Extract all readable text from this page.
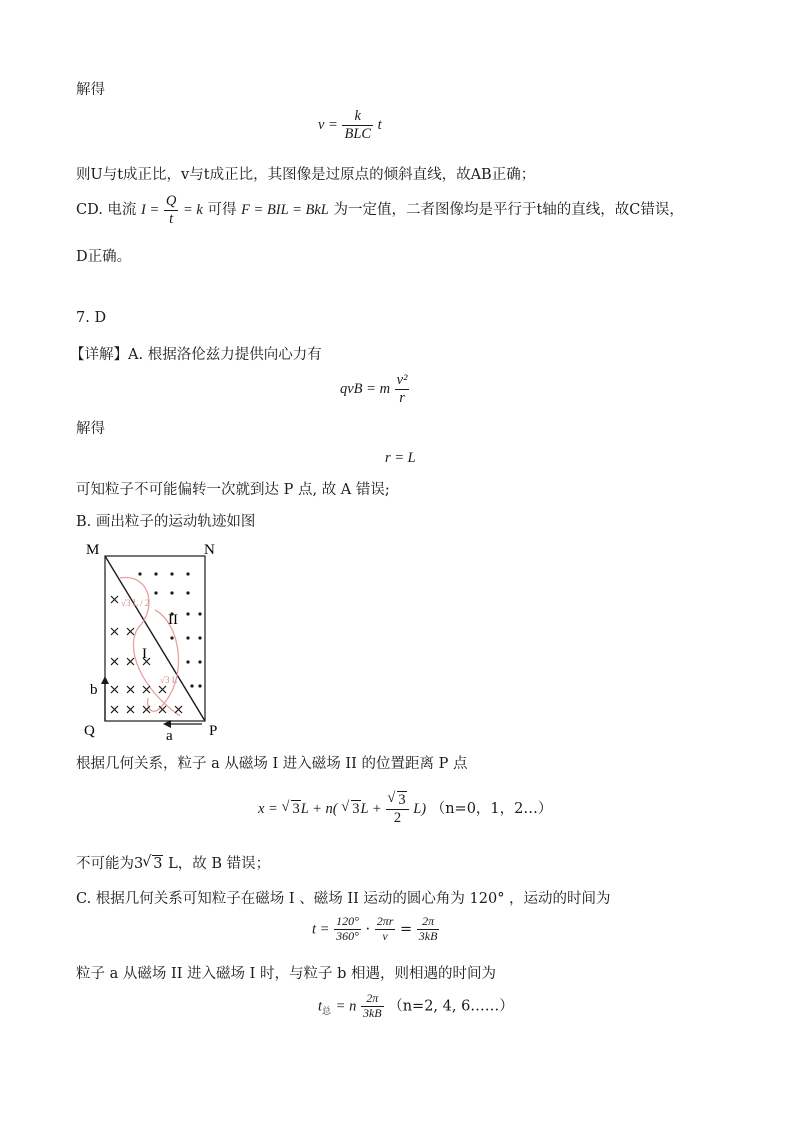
解得
$v = \frac{k}{\text{BLC}}$ t
则U与t成正比，v与t成正比，其图像是过原点的倾斜直线，故AB正确；
CD. 电流 $I = \frac{Q}{t} = k$ 可得 F = BIL = BkL 为一定值，二者图像均是平行于t轴的直线，故C错误，
D正确。
7. D
【详解】A. 根据洛伦兹力提供向心力有
qvB = m $\frac{\text{v²}}{r}$
解得
r = L
可知粒子不可能偏转一次就到达 P 点, 故 A 错误;
B. 画出粒子的运动轨迹如图
M	N
Q	P
b
a
I
II
√3 L / 2
√3 L
根据几何关系，粒子 a 从磁场 I 进入磁场 II 的位置距离 P 点
x = √ 3L + n( √ 3L + √ $\frac{3}{2} L$) （n=0，1，2…）
不可能为3 √ 3 L，故 B 错误；
C. 根据几何关系可知粒子在磁场 I 、磁场 II 运动的圆心角为 120° ，运动的时间为
$t = \frac{120^\circ}{360^\circ} \cdot \frac{2\pi r}{v} = \frac{2\pi}{3kB}$
粒子 a 从磁场 II 进入磁场 I 时，与粒子 b 相遇，则相遇的时间为
$t_总 = n \frac{2\pi}{3kB} (n=2$, 4, 6……）
